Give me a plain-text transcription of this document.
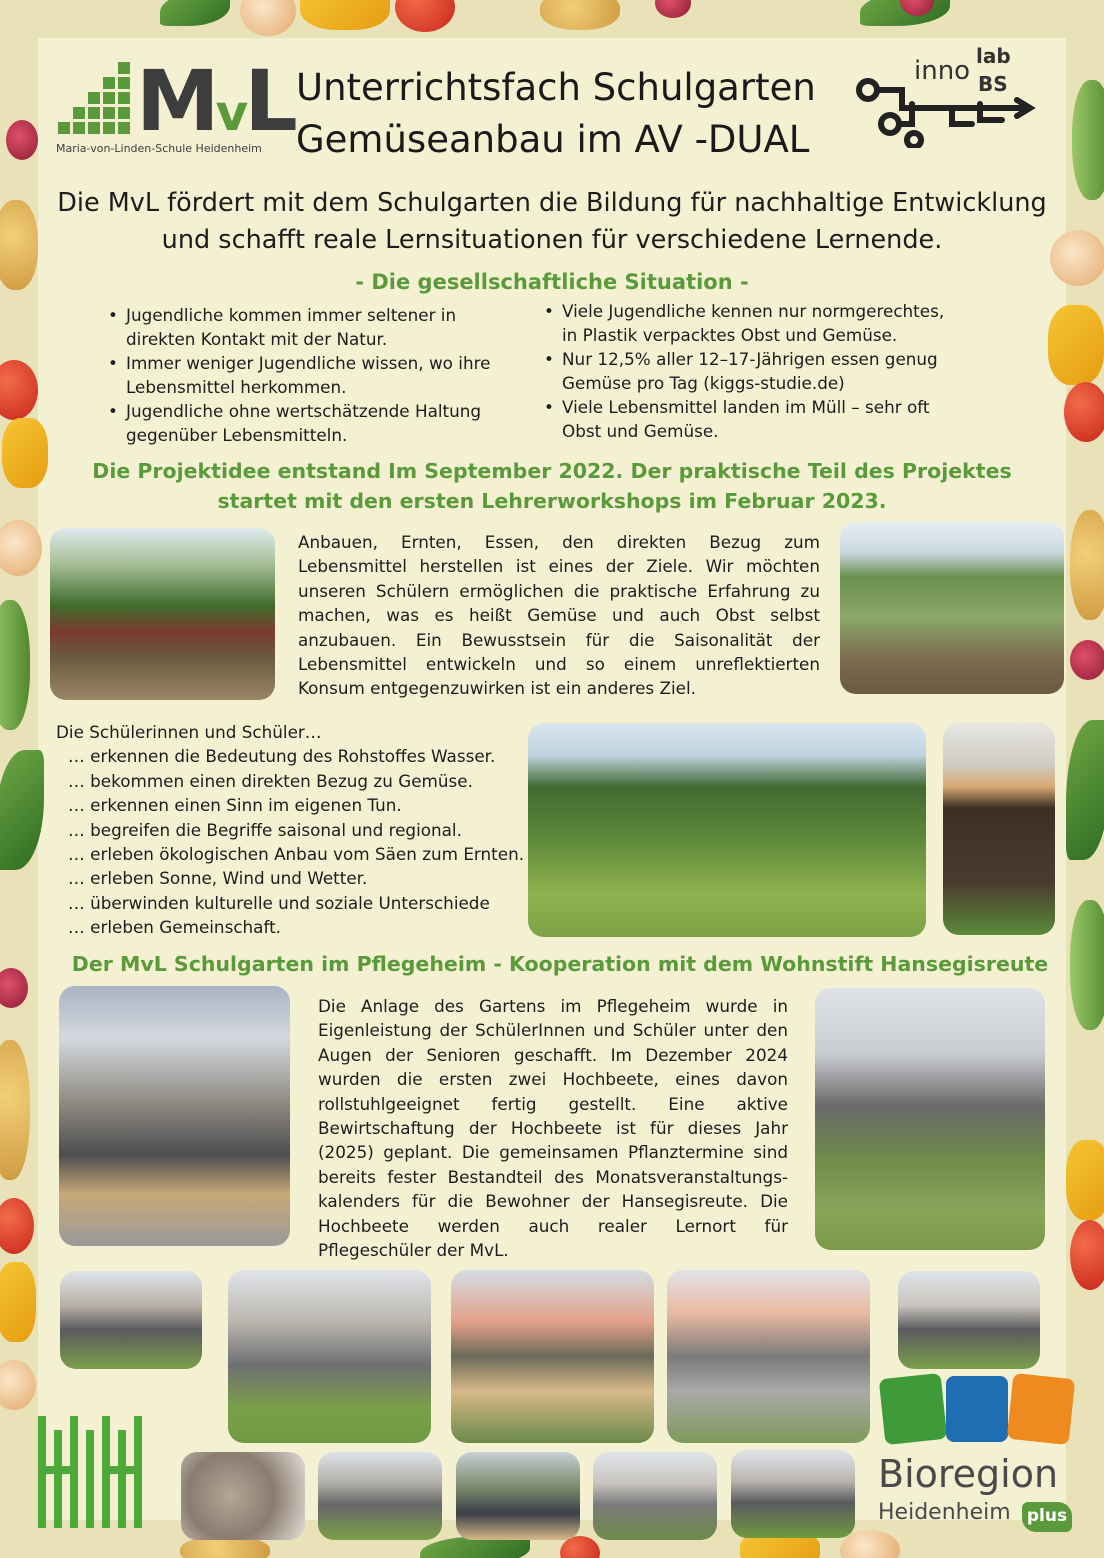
MvL
Maria-von-Linden-Schule Heidenheim
Unterrichtsfach Schulgarten
Gemüseanbau im AV -DUAL
inno lab
BS
Die MvL fördert mit dem Schulgarten die Bildung für nachhaltige Entwicklung
und schafft reale Lernsituationen für verschiedene Lernende.
- Die gesellschaftliche Situation -
• Jugendliche kommen immer seltener in direkten Kontakt mit der Natur.
• Immer weniger Jugendliche wissen, wo ihre Lebensmittel herkommen.
• Jugendliche ohne wertschätzende Haltung gegenüber Lebensmitteln.
• Viele Jugendliche kennen nur normgerechtes, in Plastik verpacktes Obst und Gemüse.
• Nur 12,5% aller 12–17-Jährigen essen genug Gemüse pro Tag (kiggs-studie.de)
• Viele Lebensmittel landen im Müll – sehr oft Obst und Gemüse.
Die Projektidee entstand Im September 2022. Der praktische Teil des Projektes
startet mit den ersten Lehrerworkshops im Februar 2023.
Anbauen, Ernten, Essen, den direkten Bezug zum Lebensmittel herstellen ist eines der Ziele. Wir möchten unseren Schülern ermöglichen die praktische Erfahrung zu machen, was es heißt Gemüse und auch Obst selbst anzubauen. Ein Bewusstsein für die Saisonalität der Lebensmittel entwickeln und so einem unreflektierten Konsum entgegenzuwirken ist ein anderes Ziel.
Die Schülerinnen und Schüler…
… erkennen die Bedeutung des Rohstoffes Wasser.
… bekommen einen direkten Bezug zu Gemüse.
… erkennen einen Sinn im eigenen Tun.
… begreifen die Begriffe saisonal und regional.
… erleben ökologischen Anbau vom Säen zum Ernten.
… erleben Sonne, Wind und Wetter.
… überwinden kulturelle und soziale Unterschiede
… erleben Gemeinschaft.
Der MvL Schulgarten im Pflegeheim - Kooperation mit dem Wohnstift Hansegisreute
Die Anlage des Gartens im Pflegeheim wurde in Eigenleistung der SchülerInnen und Schüler unter den Augen der Senioren geschafft. Im Dezember 2024 wurden die ersten zwei Hochbeete, eines davon rollstuhlgeeignet fertig gestellt. Eine aktive Bewirtschaftung der Hochbeete ist für dieses Jahr (2025) geplant. Die gemeinsamen Pflanztermine sind bereits fester Bestandteil des Monatsveranstaltungs-kalenders für die Bewohner der Hansegisreute. Die Hochbeete werden auch realer Lernort für Pflegeschüler der MvL.
Bioregion
Heidenheim plus
